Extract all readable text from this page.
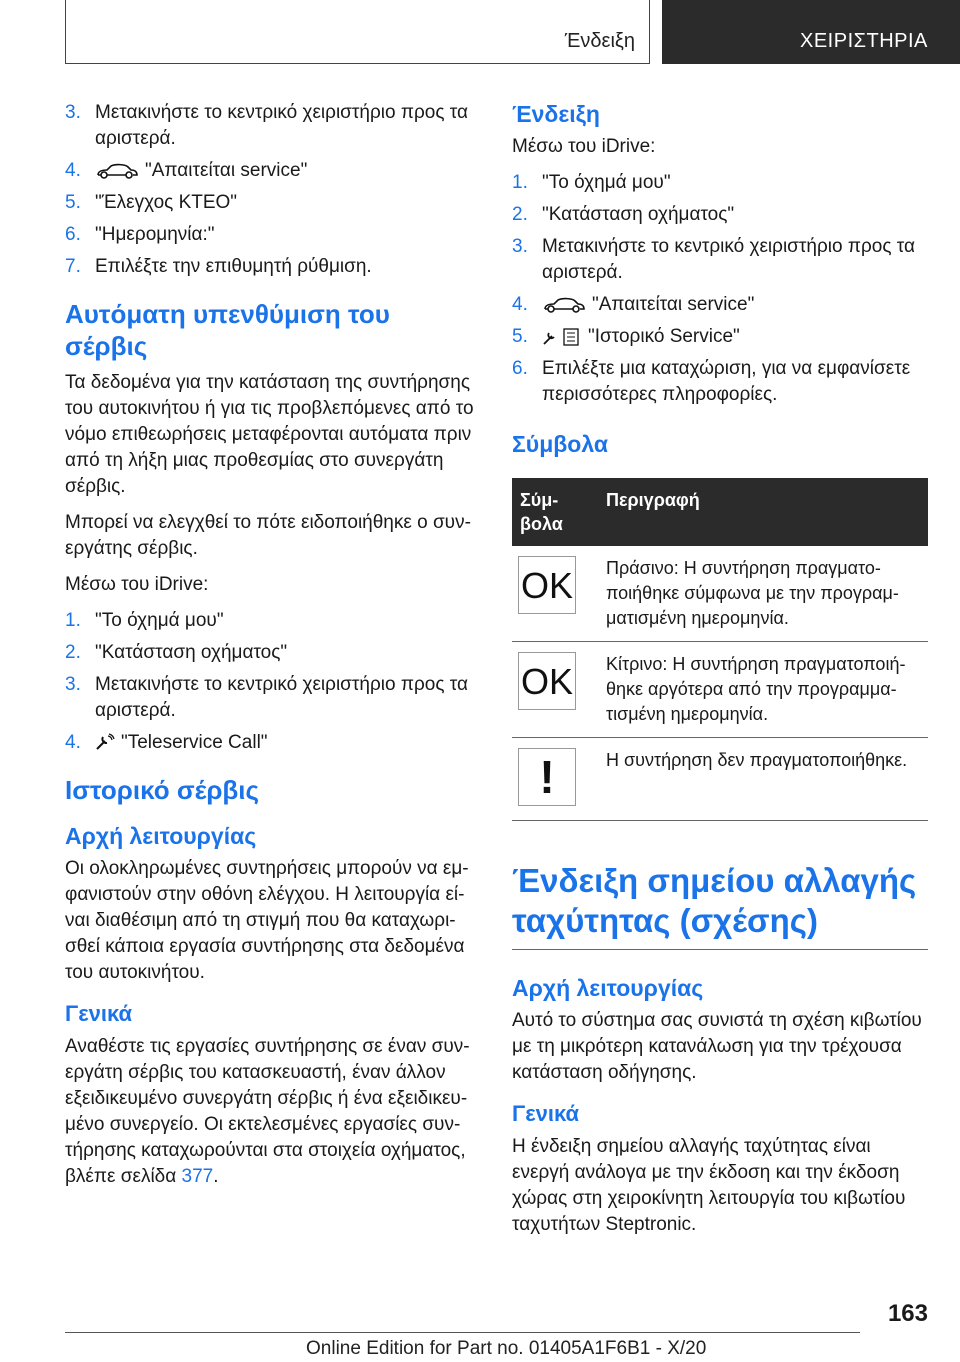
Ένδειξη	ΧΕΙΡΙΣΤΗΡΙΑ
3. Μετακινήστε το κεντρικό χειριστήριο προς τα αριστερά.
4.	"Απαιτείται service"
5. "Έλεγχος ΚΤΕΟ"
6. "Ημερομηνία:"
7. Επιλέξτε την επιθυμητή ρύθμιση.
Αυτόματη υπενθύμιση του σέρβις

Τα δεδομένα για την κατάσταση της συντήρησης του αυτοκινήτου ή για τις προβλεπόμενες από το νόμο επιθεωρήσεις μεταφέρονται αυτόματα πριν από τη λήξη μιας προθεσμίας στο συνεργάτη σέρβις.

Μπορεί να ελεγχθεί το πότε ειδοποιήθηκε ο συνεργάτης σέρβις.

Μέσω του iDrive:

1. "Το όχημά μου"
2. "Κατάσταση οχήματος"
3. Μετακινήστε το κεντρικό χειριστήριο προς τα αριστερά.
4. "Teleservice Call"
Ιστορικό σέρβις
Αρχή λειτουργίας

Οι ολοκληρωμένες συντηρήσεις μπορούν να εμφανιστούν στην οθόνη ελέγχου. Η λειτουργία είναι διαθέσιμη από τη στιγμή που θα καταχωρισθεί κάποια εργασία συντήρησης στα δεδομένα του αυτοκινήτου.

Γενικά

Αναθέστε τις εργασίες συντήρησης σε έναν συνεργάτη σέρβις του κατασκευαστή, έναν άλλον εξειδικευμένο συνεργάτη σέρβις ή ένα εξειδικευμένο συνεργείο. Οι εκτελεσμένες εργασίες συντήρησης καταχωρούνται στα στοιχεία οχήματος, βλέπε σελίδα 377.

Ένδειξη

Μέσω του iDrive:

1. "Το όχημά μου"
2. "Κατάσταση οχήματος"
3. Μετακινήστε το κεντρικό χειριστήριο προς τα αριστερά.
4.	"Απαιτείται service"
5.	"Ιστορικό Service"
6. Επιλέξτε μια καταχώριση, για να εμφανίσετε περισσότερες πληροφορίες.
Σύμβολα
Σύμβολα	Περιγραφή

OK	Πράσινο: Η συντήρηση πραγματοποιήθηκε σύμφωνα με την προγραμματισμένη ημερομηνία.

OK	Κίτρινο: Η συντήρηση πραγματοποιήθηκε αργότερα από την προγραμματισμένη ημερομηνία.

!	Η συντήρηση δεν πραγματοποιήθηκε.
Ένδειξη σημείου αλλαγής ταχύτητας (σχέσης)
Αρχή λειτουργίας

Αυτό το σύστημα σας συνιστά τη σχέση κιβωτίου με τη μικρότερη κατανάλωση για την τρέχουσα κατάσταση οδήγησης.

Γενικά

Η ένδειξη σημείου αλλαγής ταχύτητας είναι ενεργή ανάλογα με την έκδοση και την έκδοση χώρας στη χειροκίνητη λειτουργία του κιβωτίου ταχυτήτων Steptronic.

163
Online Edition for Part no. 01405A1F6B1 - X/20
